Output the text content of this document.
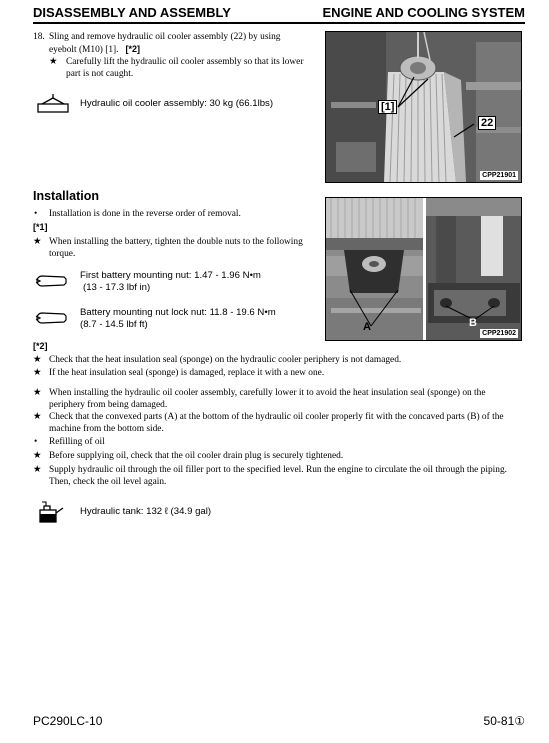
DISASSEMBLY AND ASSEMBLY	ENGINE AND COOLING SYSTEM
18. Sling and remove hydraulic oil cooler assembly (22) by using
eyebolt (M10) [1]. [*2]
★ Carefully lift the hydraulic oil cooler assembly so that its lower
part is not caught.
Hydraulic oil cooler assembly: 30 kg (66.1lbs)	[1]
22
CPP21901
Installation
• Installation is done in the reverse order of removal.
[*1]
★ When installing the battery, tighten the double nuts to the following
torque.
First battery mounting nut: 1.47 - 1.96 N•m
(13 - 17.3 lbf in)
Battery mounting nut lock nut: 11.8 - 19.6 N•m
(8.7 - 14.5 lbf ft)	A	B
CPP21902
[*2]
★ Check that the heat insulation seal (sponge) on the hydraulic cooler periphery is not damaged.
★ If the heat insulation seal (sponge) is damaged, replace it with a new one.
★ When installing the hydraulic oil cooler assembly, carefully lower it to avoid the heat insulation seal (sponge) on the
periphery from being damaged.
★ Check that the convexed parts (A) at the bottom of the hydraulic oil cooler properly fit with the concaved parts (B) of the
machine from the bottom side.
• Refilling of oil
★ Before supplying oil, check that the oil cooler drain plug is securely tightened.
★ Supply hydraulic oil through the oil filler port to the specified level. Run the engine to circulate the oil through the piping.
Then, check the oil level again.
Hydraulic tank: 132 ℓ (34.9 gal)
PC290LC-10	50-81①
